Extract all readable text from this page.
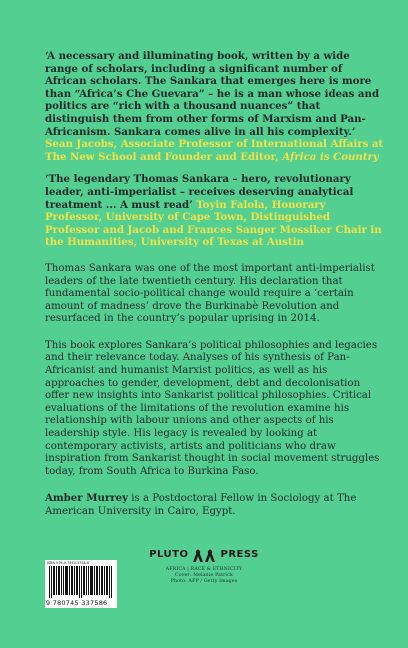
‘A necessary and illuminating book, written by a wide range of scholars, including a significant number of African scholars. The Sankara that emerges here is more than “Africa’s Che Guevara” – he is a man whose ideas and politics are “rich with a thousand nuances” that distinguish them from other forms of Marxism and Pan-Africanism. Sankara comes alive in all his complexity.’ Sean Jacobs, Associate Professor of International Affairs at The New School and Founder and Editor, Africa is Country

‘The legendary Thomas Sankara – hero, revolutionary leader, anti-imperialist – receives deserving analytical treatment ... A must read’ Toyin Falola, Honorary Professor, University of Cape Town, Distinguished Professor and Jacob and Frances Sanger Mossiker Chair in the Humanities, University of Texas at Austin

Thomas Sankara was one of the most important anti-imperialist leaders of the late twentieth century. His declaration that fundamental socio-political change would require a ‘certain amount of madness’ drove the Burkinabè Revolution and resurfaced in the country’s popular uprising in 2014.

This book explores Sankara’s political philosophies and legacies and their relevance today. Analyses of his synthesis of Pan-Africanist and humanist Marxist politics, as well as his approaches to gender, development, debt and decolonisation offer new insights into Sankarist political philosophies. Critical evaluations of the limitations of the revolution examine his relationship with labour unions and other aspects of his leadership style. His legacy is revealed by looking at contemporary activists, artists and politicians who draw inspiration from Sankarist thought in social movement struggles today, from South Africa to Burkina Faso.

Amber Murrey is a Postdoctoral Fellow in Sociology at The American University in Cairo, Egypt.

PLUTO	PRESS
AFRICA | RACE & ETHNICITY
Cover: Melanie Patrick
Photo: AFP / Getty Images
ISBN 978-0-7453-3758-6
9 780745 337586
